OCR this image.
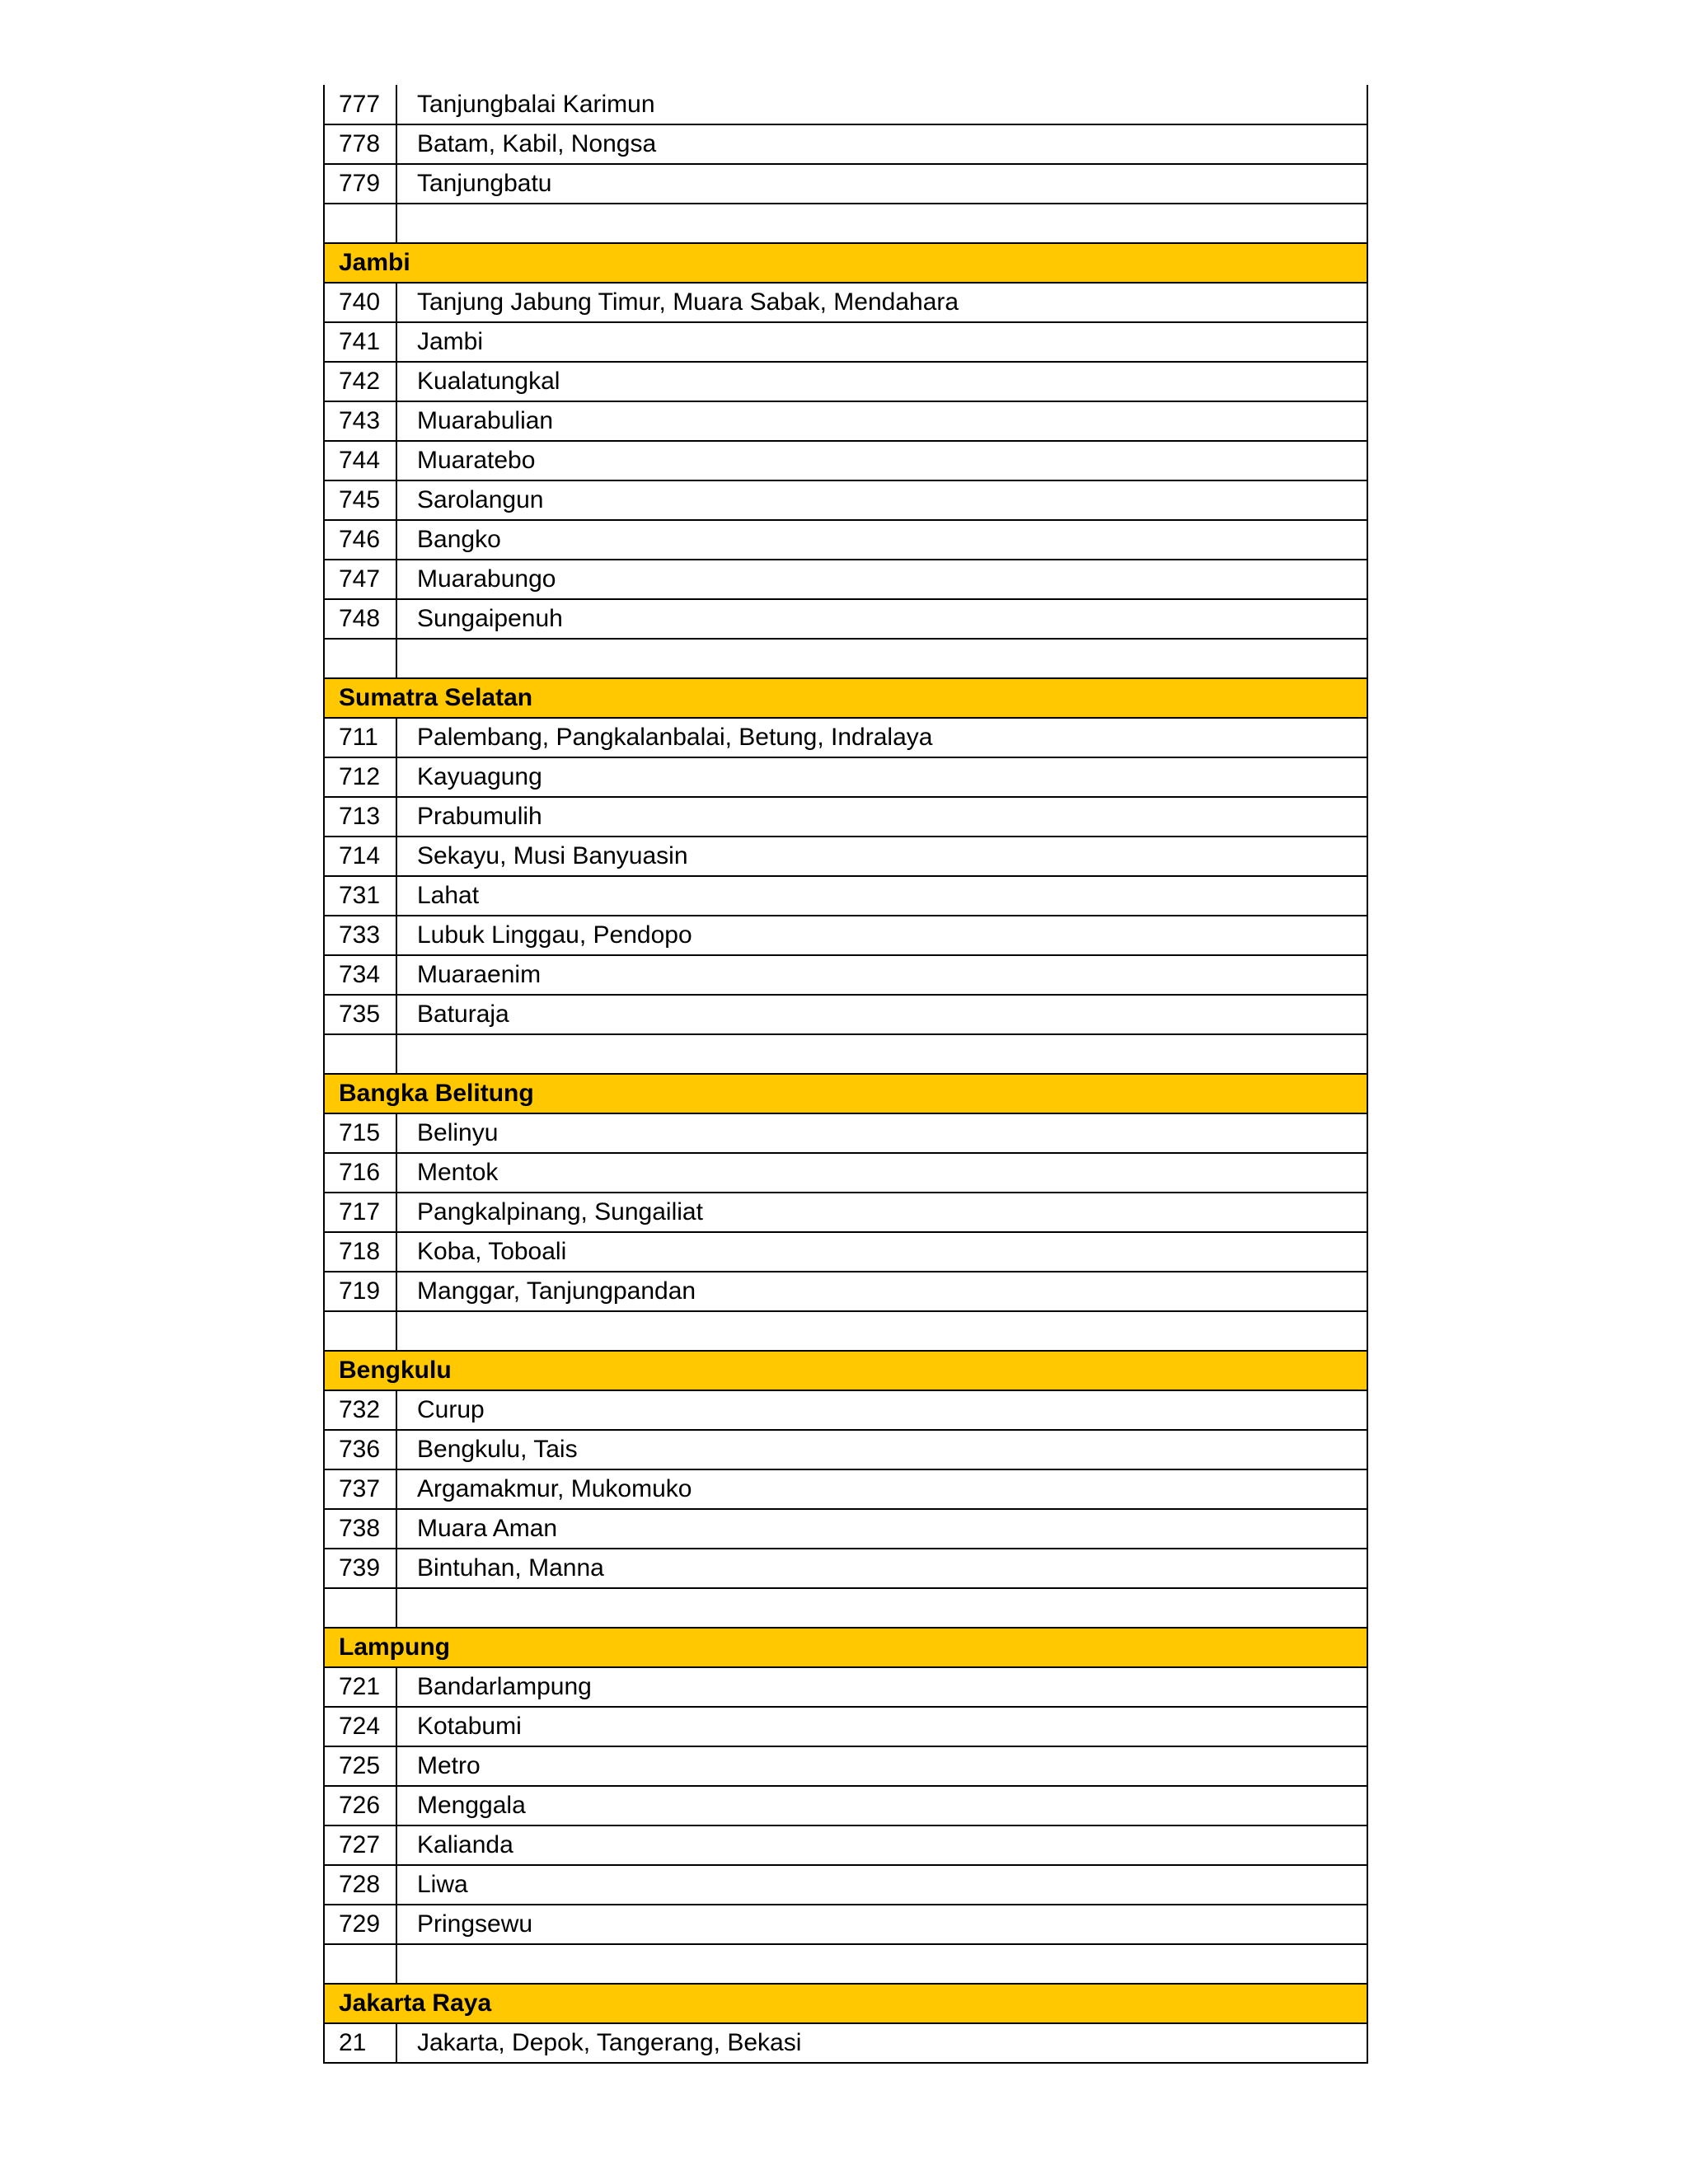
777	Tanjungbalai Karimun
778	Batam, Kabil, Nongsa
779	Tanjungbatu

Jambi	
740	Tanjung Jabung Timur, Muara Sabak, Mendahara
741	Jambi
742	Kualatungkal
743	Muarabulian
744	Muaratebo
745	Sarolangun
746	Bangko
747	Muarabungo
748	Sungaipenuh

Sumatra Selatan	
711	Palembang, Pangkalanbalai, Betung, Indralaya
712	Kayuagung
713	Prabumulih
714	Sekayu, Musi Banyuasin
731	Lahat
733	Lubuk Linggau, Pendopo
734	Muaraenim
735	Baturaja

Bangka Belitung	
715	Belinyu
716	Mentok
717	Pangkalpinang, Sungailiat
718	Koba, Toboali
719	Manggar, Tanjungpandan

Bengkulu	
732	Curup
736	Bengkulu, Tais
737	Argamakmur, Mukomuko
738	Muara Aman
739	Bintuhan, Manna

Lampung	
721	Bandarlampung
724	Kotabumi
725	Metro
726	Menggala
727	Kalianda
728	Liwa
729	Pringsewu

Jakarta Raya	
21	Jakarta, Depok, Tangerang, Bekasi
